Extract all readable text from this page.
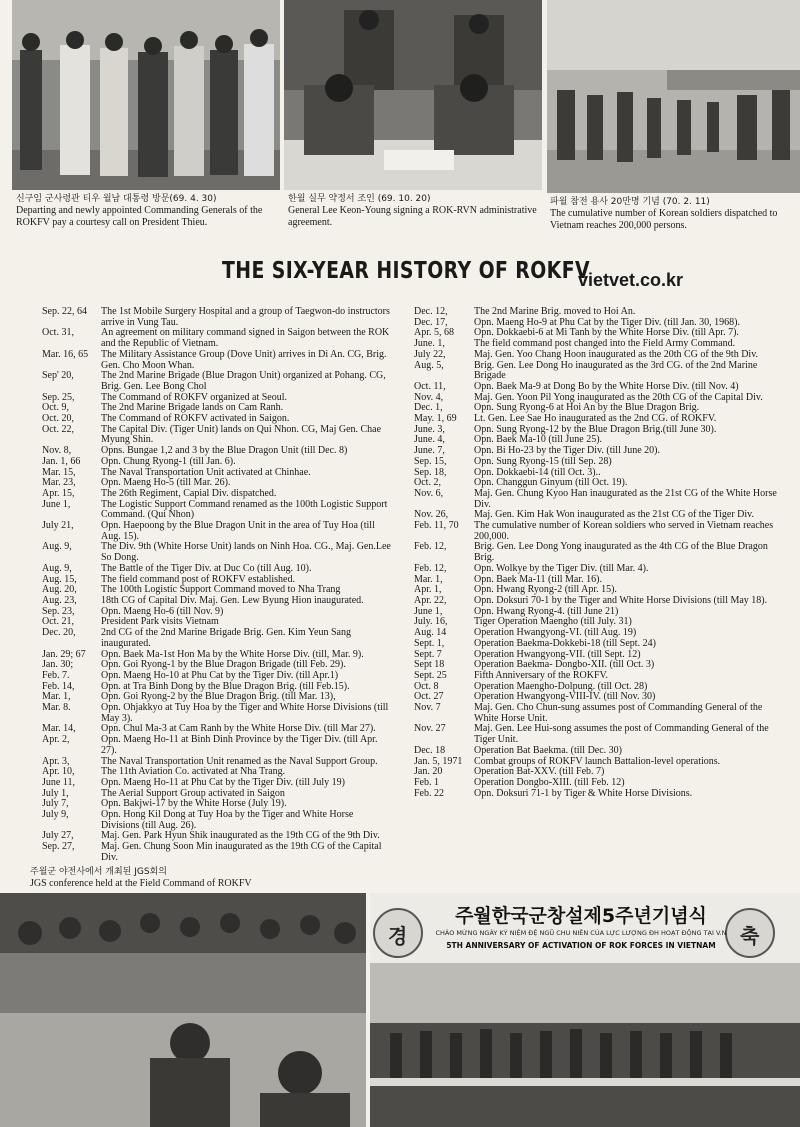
신구임 군사령관 티우 월남 대통령 방문(69. 4. 30)
Departing and newly appointed Commanding Generals of the ROKFV pay a courtesy call on President Thieu.
한월 실무 약정서 조인 (69. 10. 20)
General Lee Keon-Young signing a ROK-RVN administrative agreement.
파월 참전 용사 20만명 기념 (70. 2. 11)
The cumulative number of Korean soldiers dispatched to Vietnam reaches 200,000 persons.
THE SIX-YEAR HISTORY OF ROKFV
vietvet.co.kr
Sep. 22, 64	The 1st Mobile Surgery Hospital and a group of Taegwon-do instructors arrive in Vung Tau.
Oct. 31,	An agreement on military command signed in Saigon between the ROK and the Republic of Vietnam.
Mar. 16, 65	The Military Assistance Group (Dove Unit) arrives in Di An. CG, Brig. Gen. Cho Moon Whan.
Sep' 20,	The 2nd Marine Brigade (Blue Dragon Unit) organized at Pohang. CG, Brig. Gen. Lee Bong Chol
Sep. 25,	The Command of ROKFV organized at Seoul.
Oct. 9,	The 2nd Marine Brigade lands on Cam Ranh.
Oct. 20,	The Command of ROKFV activated in Saigon.
Oct. 22,	The Capital Div. (Tiger Unit) lands on Qui Nhon. CG, Maj Gen. Chae Myung Shin.
Nov. 8,	Opns. Bungae 1,2 and 3 by the Blue Dragon Unit (till Dec. 8)
Jan. 1, 66	Opn. Chung Ryong-1 (till Jan. 6).
Mar. 15,	The Naval Transportation Unit activated at Chinhae.
Mar. 23,	Opn. Maeng Ho-5 (till Mar. 26).
Apr. 15,	The 26th Regiment, Capial Div. dispatched.
June 1,	The Logistic Support Command renamed as the 100th Logistic Support Command. (Qui Nhon)
July 21,	Opn. Haepoong by the Blue Dragon Unit in the area of Tuy Hoa (till Aug. 15).
Aug. 9,	The Div. 9th (White Horse Unit) lands on Ninh Hoa. CG., Maj. Gen.Lee So Dong.
Aug. 9,	The Battle of the Tiger Div. at Duc Co (till Aug. 10).
Aug. 15,	The field command post of ROKFV established.
Aug. 20,	The 100th Logistic Support Command moved to Nha Trang
Aug. 23,	18th CG of Capital Div. Maj. Gen. Lew Byung Hion inaugurated.
Sep. 23,	Opn. Maeng Ho-6 (till Nov. 9)
Oct. 21,	President Park visits Vietnam
Dec. 20,	2nd CG of the 2nd Marine Brigade Brig. Gen. Kim Yeun Sang inaugurated.
Jan. 29; 67	Opn. Baek Ma-1st Hon Ma by the White Horse Div. (till, Mar. 9).
Jan. 30;	Opn. Goi Ryong-1 by the Blue Dragon Brigade (till Feb. 29).
Feb. 7.	Opn. Maeng Ho-10 at Phu Cat by the Tiger Div. (till Apr.1)
Feb. 14,	Opn. at Tra Binh Dong by the Blue Dragon Brig. (till Feb.15).
Mar. 1,	Opn. Goi Ryong-2 by the Blue Dragon Brig. (till Mar. 13),
Mar. 8.	Opn. Ohjakkyo at Tuy Hoa by the Tiger and White Horse Divisions (till May 3).
Mar. 14,	Opn. Chul Ma-3 at Cam Ranh by the White Horse Div. (till Mar 27).
Apr. 2,	Opn. Maeng Ho-11 at Binh Dinh Province by the Tiger Div. (till Apr. 27).
Apr. 3,	The Naval Transportation Unit renamed as the Naval Support Group.
Apr. 10,	The 11th Aviation Co. activated at Nha Trang.
June 11,	Opn. Maeng Ho-11 at Phu Cat by the Tiger Div. (till July 19)
July 1,	The Aerial Support Group activated in Saigon
July 7,	Opn. Bakjwi-17 by the White Horse (July 19).
July 9,	Opn. Hong Kil Dong at Tuy Hoa by the Tiger and White Horse Divisions (till Aug. 26).
July 27,	Maj. Gen. Park Hyun Shik inaugurated as the 19th CG of the 9th Div.
Sep. 27,	Maj. Gen. Chung Soon Min inaugurated as the 19th CG of the Capital Div.
Dec. 12,	The 2nd Marine Brig. moved to Hoi An.
Dec. 17,	Opn. Maeng Ho-9 at Phu Cat by the Tiger Div. (till Jan. 30, 1968).
Apr. 5, 68	Opn. Dokkaebi-6 at Mi Tanh by the White Horse Div. (till Apr. 7).
June. 1,	The field command post changed into the Field Army Command.
July 22,	Maj. Gen. Yoo Chang Hoon inaugurated as the 20th CG of the 9th Div.
Aug. 5,	Brig. Gen. Lee Dong Ho inaugurated as the 3rd CG. of the 2nd Marine Brigade
Oct. 11,	Opn. Baek Ma-9 at Dong Bo by the White Horse Div. (till Nov. 4)
Nov. 4,	Maj. Gen. Yoon Pil Yong inaugurated as the 20th CG of the Capital Div.
Dec. 1,	Opn. Sung Ryong-6 at Hoi An by the Blue Dragon Brig.
May. 1, 69	Lt. Gen. Lee Sae Ho inaugurated as the 2nd CG. of ROKFV.
June. 3,	Opn. Sung Ryong-12 by the Blue Dragon Brig.(till June 30).
June. 4,	Opn. Baek Ma-10 (till June 25).
June. 7,	Opn. Bi Ho-23 by the Tiger Div. (till June 20).
Sep. 15,	Opn. Sung Ryong-15 (till Sep. 28)
Sep. 18,	Opn. Dokkaebi-14 (till Oct. 3)..
Oct. 2,	Opn. Changgun Ginyum (till Oct. 19).
Nov. 6,	Maj. Gen. Chung Kyoo Han inaugurated as the 21st CG of the White Horse Div.
Nov. 26,	Maj. Gen. Kim Hak Won inaugurated as the 21st CG of the Tiger Div.
Feb. 11, 70	The cumulative number of Korean soldiers who served in Vietnam reaches 200,000.
Feb. 12,	Brig. Gen. Lee Dong Yong inaugurated as the 4th CG of the Blue Dragon Brig.
Feb. 12,	Opn. Wolkye by the Tiger Div. (till Mar. 4).
Mar. 1,	Opn. Baek Ma-11 (till Mar. 16).
Apr. 1,	Opn. Hwang Ryong-2 (till Apr. 15).
Apr. 22,	Opn. Doksuri 70-1 by the Tiger and White Horse Divisions (till May 18).
June 1,	Opn. Hwang Ryong-4. (till June 21)
July. 16,	Tiger Operation Maengho (till July. 31)
Aug. 14	Operation Hwangyong-VI. (till Aug. 19)
Sept. 1,	Operation Baekma-Dokkebi-18 (till Sept. 24)
Sept. 7	Operation Hwangyong-VII. (till Sept. 12)
Sept 18	Operation Baekma- Dongbo-XII. (till Oct. 3)
Sept. 25	Fifth Anniversary of the ROKFV.
Oct. 8	Operation Maengho-Dolpung. (till Oct. 28)
Oct. 27	Operation Hwangyong-VIII-IV. (till Nov. 30)
Nov. 7	Maj. Gen. Cho Chun-sung assumes post of Commanding General of the White Horse Unit.
Nov. 27	Maj. Gen. Lee Hui-song assumes the post of Commanding General of the Tiger Unit.
Dec. 18	Operation Bat Baekma. (till Dec. 30)
Jan. 5, 1971	Combat groups of ROKFV launch Battalion-level operations.
Jan. 20	Operation Bat-XXV. (till Feb. 7)
Feb. 1	Operation Dongbo-XIII. (till Feb. 12)
Feb. 22	Opn. Doksuri 71-1 by Tiger & White Horse Divisions.
주월군 야전사에서 개최된 JGS회의
JGS conference held at the Field Command of ROKFV
경	축
주월한국군창설제5주년기념식
CHÀO MỪNG NGÀY KỶ NIỆM ĐỆ NGŨ CHU NIÊN CỦA LỰC LƯỢNG ĐH HOẠT ĐỘNG TẠI V.N
5TH ANNIVERSARY OF ACTIVATION OF ROK FORCES IN VIETNAM
